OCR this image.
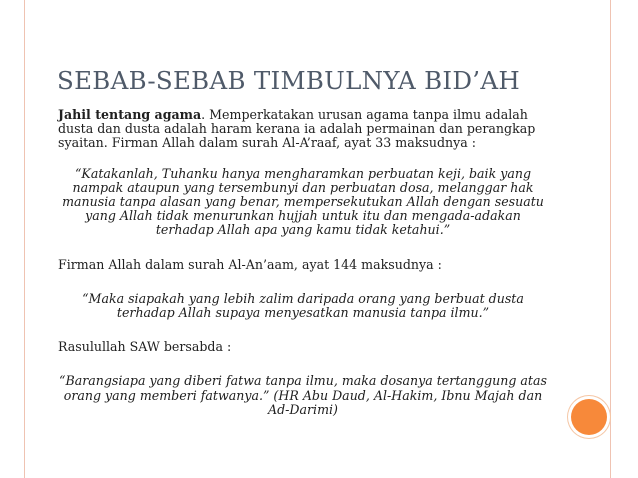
SEBAB-SEBAB TIMBULNYA BID’AH

Jahil tentang agama. Memperkatakan urusan agama tanpa ilmu adalah dusta dan dusta adalah haram kerana ia adalah permainan dan perangkap syaitan. Firman Allah dalam surah Al-A’raaf, ayat 33 maksudnya :

“Katakanlah, Tuhanku hanya mengharamkan perbuatan keji, baik yang nampak ataupun yang tersembunyi dan perbuatan dosa, melanggar hak manusia tanpa alasan yang benar, mempersekutukan Allah dengan sesuatu yang Allah tidak menurunkan hujjah untuk itu dan mengada-adakan terhadap Allah apa yang kamu tidak ketahui.”

Firman Allah dalam surah Al-An’aam, ayat 144 maksudnya :

“Maka siapakah yang lebih zalim daripada orang yang berbuat dusta terhadap Allah supaya menyesatkan manusia tanpa ilmu.”

Rasulullah SAW bersabda :

“Barangsiapa yang diberi fatwa tanpa ilmu, maka dosanya tertanggung atas orang yang memberi fatwanya.” (HR Abu Daud, Al-Hakim, Ibnu Majah dan Ad-Darimi)
